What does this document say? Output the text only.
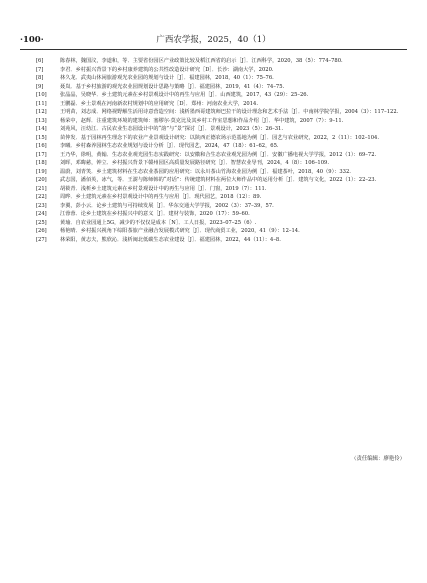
·100·	广西农学报，2025，40（1）

[6]	陈春林，魏国汶，李道和，等．主要省份园区产业政策比较及稻江西省的启示［J］．江西科学，2020，38（5）：774–780.

[7]	李君．乡村振兴背景下的乡村康养建筑的公共性改造设计研究［D］．长沙：湖南大学，2020.

[8]	林久龙．武夷山休闲旅游观光农业园的规划与设计［J］．福建园林，2018，40（1）：75–76.

[9]	聂岚．基于乡村旅游的观光农业园规划设计思路与策略［J］．福建园林，2019，41（4）：74–75.

[10]	张晶晶，吴晓华．乡土建筑元素在乡村景观设计中的再生与应用［J］．山西建筑，2017，43（29）：25–26.

[11]	王鹏磊．乡土景观在河南新农村规划中的应用研究［D］．郑州：河南农业大学，2014.

[12]	王明苗，刘志成．网络视野解生活用诗意营造空间：浅析墨西哥建筑师巴拉干的设计理念和艺术手法［J］．中南林学院学报，2004（3）：117–122.

[13]	杨荣中，赵辉．注重建筑环境的建筑师：塞缪尔·莫克比及其乡村工作室思想和作品介绍［J］．华中建筑，2007（7）：9–11.

[14]	刘苑风，汪幼江．古民农业生态园设计中的“韵”与“景”探讨［J］．景观设计，2023（5）：26–31.

[15]	苗仲发．基于园林再生理念下的农业产业景观设计研究：以陕西正德农场示范基地为例［J］．园艺与农业研究，2022，2（11）：102–104.

[16]	李曦．乡村森养园林生态农业规划与设计分析［J］．现代园艺，2024，47（18）：61–62，65.

[17]	王乃华，徐明，黄翰．生态农业观光园生态实践研究：以安徽和合生态农业观光园为例［J］．安徽广播电视大学学报，2012（1）：69–72.

[18]	刘晖，邓晦慈，钟立．乡村振兴背景下赣州园区高质量发展路径研究［J］．智慧农业导刊，2024，4（8）：106–109.

[19]	温蔚，刘青笑．乡土建筑材料在生态农业茶园的应用研究：以永川茶山竹海农业园为例［J］．福建茶叶，2018，40（9）：332.

[20]	武志国，潘佰英，冰气，等．王澍与陈师韩的“对话”：传统建筑材料在两位大师作品中的运用分析［J］．建筑与文化，2022（1）：22–23.

[21]	胡筱青．浅析乡土建筑元素在乡村景观设计中的再生与应用［J］．门窗，2019（7）：111.

[22]	周晔．乡土建筑元素在乡村景观设计中的再生与应用［J］．现代园艺，2018（12）：89.

[23]	李翼，彭小云．论乡土建筑与可持续发展［J］．华东交通大学学报，2002（3）：37–39，57.

[24]	江蓉蓉．论乡土建筑在乡村振兴中的意义［J］．建材与装饰，2020（17）：59–60.

[25]	黄瑜．自农业园通上5G，减少的不仅仅是成本［N］．工人日报，2023–07–25（6）.

[26]	杨艳晴．乡村振兴视角下综阳茶旅产业融合发展模式研究［J］．现代商贸工业，2020，41（9）：12–14.

[27]	林荣阳，黄志夫，熊欣沁．浅析闽北低碳生态农业建设［J］．福建园林，2022，44（11）：4–8.

（责任编辑：廖艳伶）
